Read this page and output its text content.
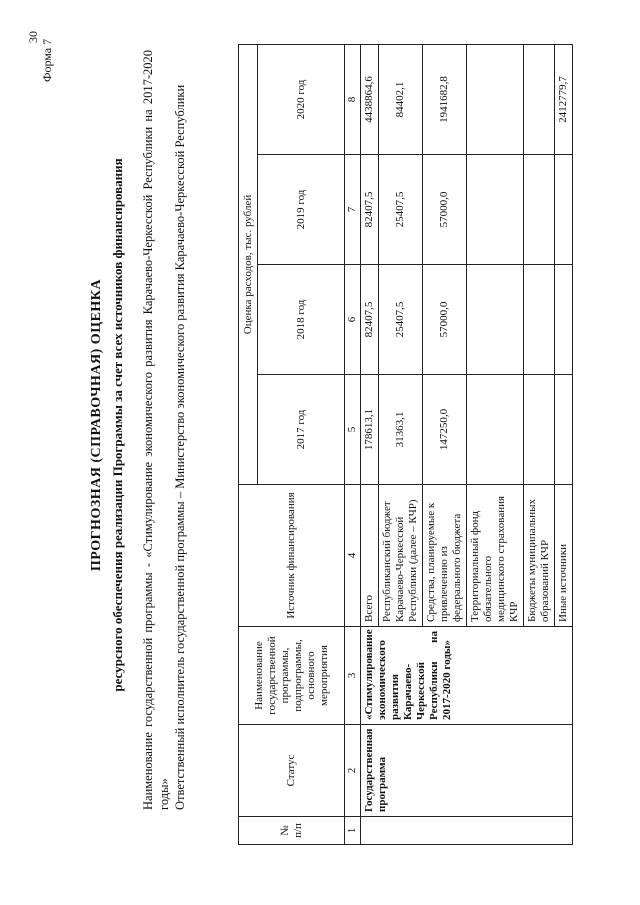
30
Форма 7
ПРОГНОЗНАЯ (СПРАВОЧНАЯ) ОЦЕНКА ресурсного обеспечения реализации Программы за счет всех источников финансирования Наименование государственной программы - «Стимулирование экономического развития Карачаево-Черкесской Республики на 2017-2020 годы» Ответственный исполнитель государственной программы – Министерство экономического развития Карачаево-Черкесской Республики

№ п/п	Статус	Наименование государственной программы, подпрограммы, основного мероприятия	Источник финансирования	Оценка расходов, тыс. рублей			
				2017 год	2018 год	2019 год	2020 год
1	2	3	4	5	6	7	8
	Государственная программа	«Стимулирование экономического развития Карачаево-Черкесской Республики на 2017-2020 годы»	Всего	178613,1	82407,5	82407,5	4438864,6
			Республиканский бюджет Карачаево-Черкесской Республики (далее – КЧР)	31363,1	25407,5	25407,5	84402,1
			Средства, планируемые к привлечению из федерального бюджета	147250,0	57000,0	57000,0	1941682,8
			Территориальный фонд обязательного медицинского страхования КЧР				
			Бюджеты муниципальных образований КЧР				
			Иные источники				2412779,7
